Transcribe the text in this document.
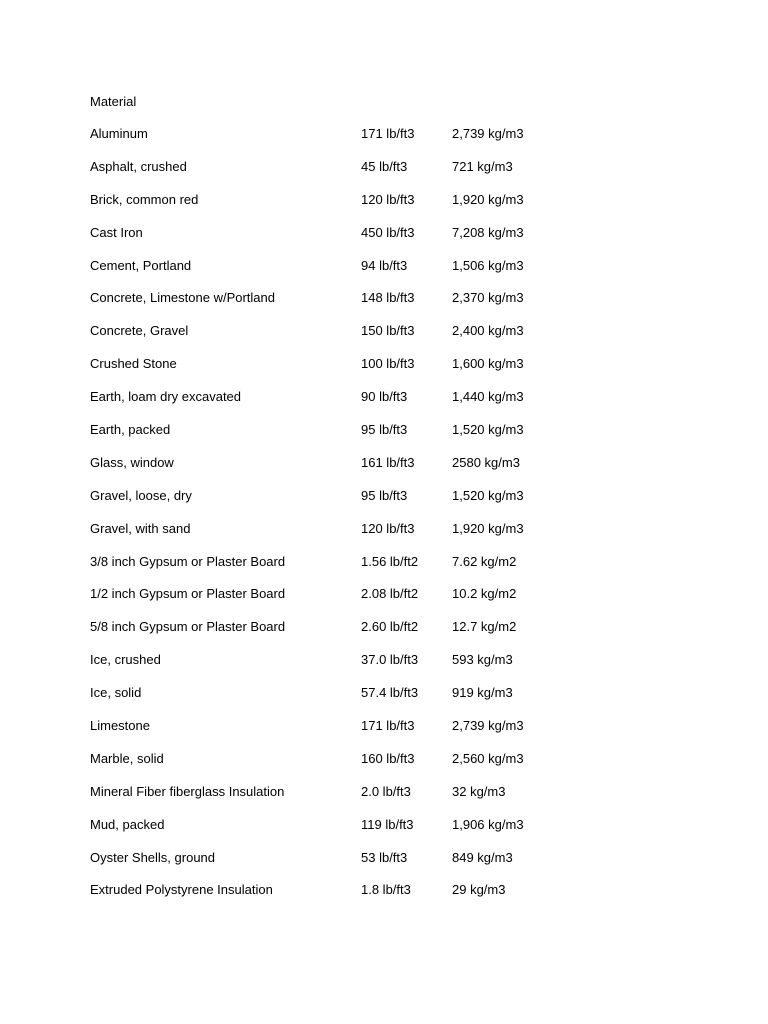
Material
Aluminum	171 lb/ft3	2,739 kg/m3
Asphalt, crushed	45 lb/ft3	721 kg/m3
Brick, common red	120 lb/ft3	1,920 kg/m3
Cast Iron	450 lb/ft3	7,208 kg/m3
Cement, Portland	94 lb/ft3	1,506 kg/m3
Concrete, Limestone w/Portland	148 lb/ft3	2,370 kg/m3
Concrete, Gravel	150 lb/ft3	2,400 kg/m3
Crushed Stone	100 lb/ft3	1,600 kg/m3
Earth, loam dry excavated	90 lb/ft3	1,440 kg/m3
Earth, packed	95 lb/ft3	1,520 kg/m3
Glass, window	161 lb/ft3	2580 kg/m3
Gravel, loose, dry	95 lb/ft3	1,520 kg/m3
Gravel, with sand	120 lb/ft3	1,920 kg/m3
3/8 inch Gypsum or Plaster Board	1.56 lb/ft2	7.62 kg/m2
1/2 inch Gypsum or Plaster Board	2.08 lb/ft2	10.2 kg/m2
5/8 inch Gypsum or Plaster Board	2.60 lb/ft2	12.7 kg/m2
Ice, crushed	37.0 lb/ft3	593 kg/m3
Ice, solid	57.4 lb/ft3	919 kg/m3
Limestone	171 lb/ft3	2,739 kg/m3
Marble, solid	160 lb/ft3	2,560 kg/m3
Mineral Fiber fiberglass Insulation	2.0 lb/ft3	32 kg/m3
Mud, packed	119 lb/ft3	1,906 kg/m3
Oyster Shells, ground	53 lb/ft3	849 kg/m3
Extruded Polystyrene Insulation	1.8 lb/ft3	29 kg/m3
